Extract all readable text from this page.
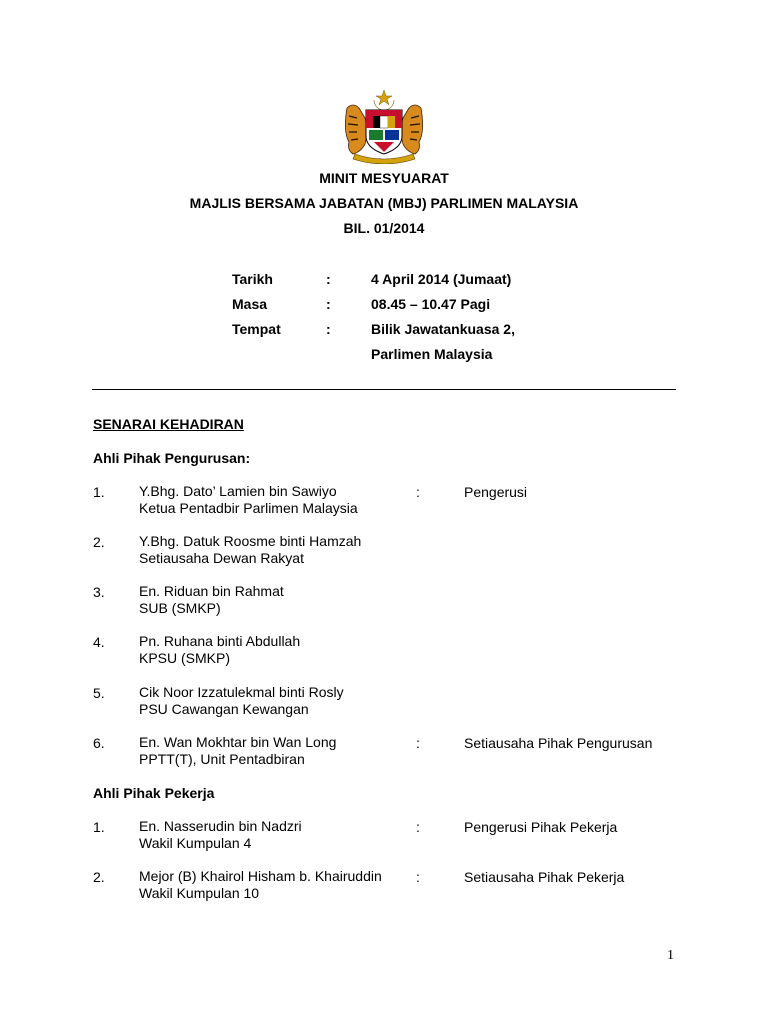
MINIT MESYUARAT
MAJLIS BERSAMA JABATAN (MBJ) PARLIMEN MALAYSIA
BIL. 01/2014
Tarikh	:	4 April 2014 (Jumaat)
Masa	:	08.45 – 10.47 Pagi
Tempat	:	Bilik Jawatankuasa 2,
Parlimen Malaysia
SENARAI KEHADIRAN
Ahli Pihak Pengurusan:
1. Y.Bhg. Dato’ Lamien bin Sawiyo
Ketua Pentadbir Parlimen Malaysia
:	Pengerusi
2. Y.Bhg. Datuk Roosme binti Hamzah
Setiausaha Dewan Rakyat
3. En. Riduan bin Rahmat
SUB (SMKP)
4. Pn. Ruhana binti Abdullah
KPSU (SMKP)
5. Cik Noor Izzatulekmal binti Rosly
PSU Cawangan Kewangan
6. En. Wan Mokhtar bin Wan Long
PPTT(T), Unit Pentadbiran
:	Setiausaha Pihak Pengurusan
Ahli Pihak Pekerja
1. En. Nasserudin bin Nadzri
Wakil Kumpulan 4
:	Pengerusi Pihak Pekerja
2. Mejor (B) Khairol Hisham b. Khairuddin
Wakil Kumpulan 10
:	Setiausaha Pihak Pekerja
1
